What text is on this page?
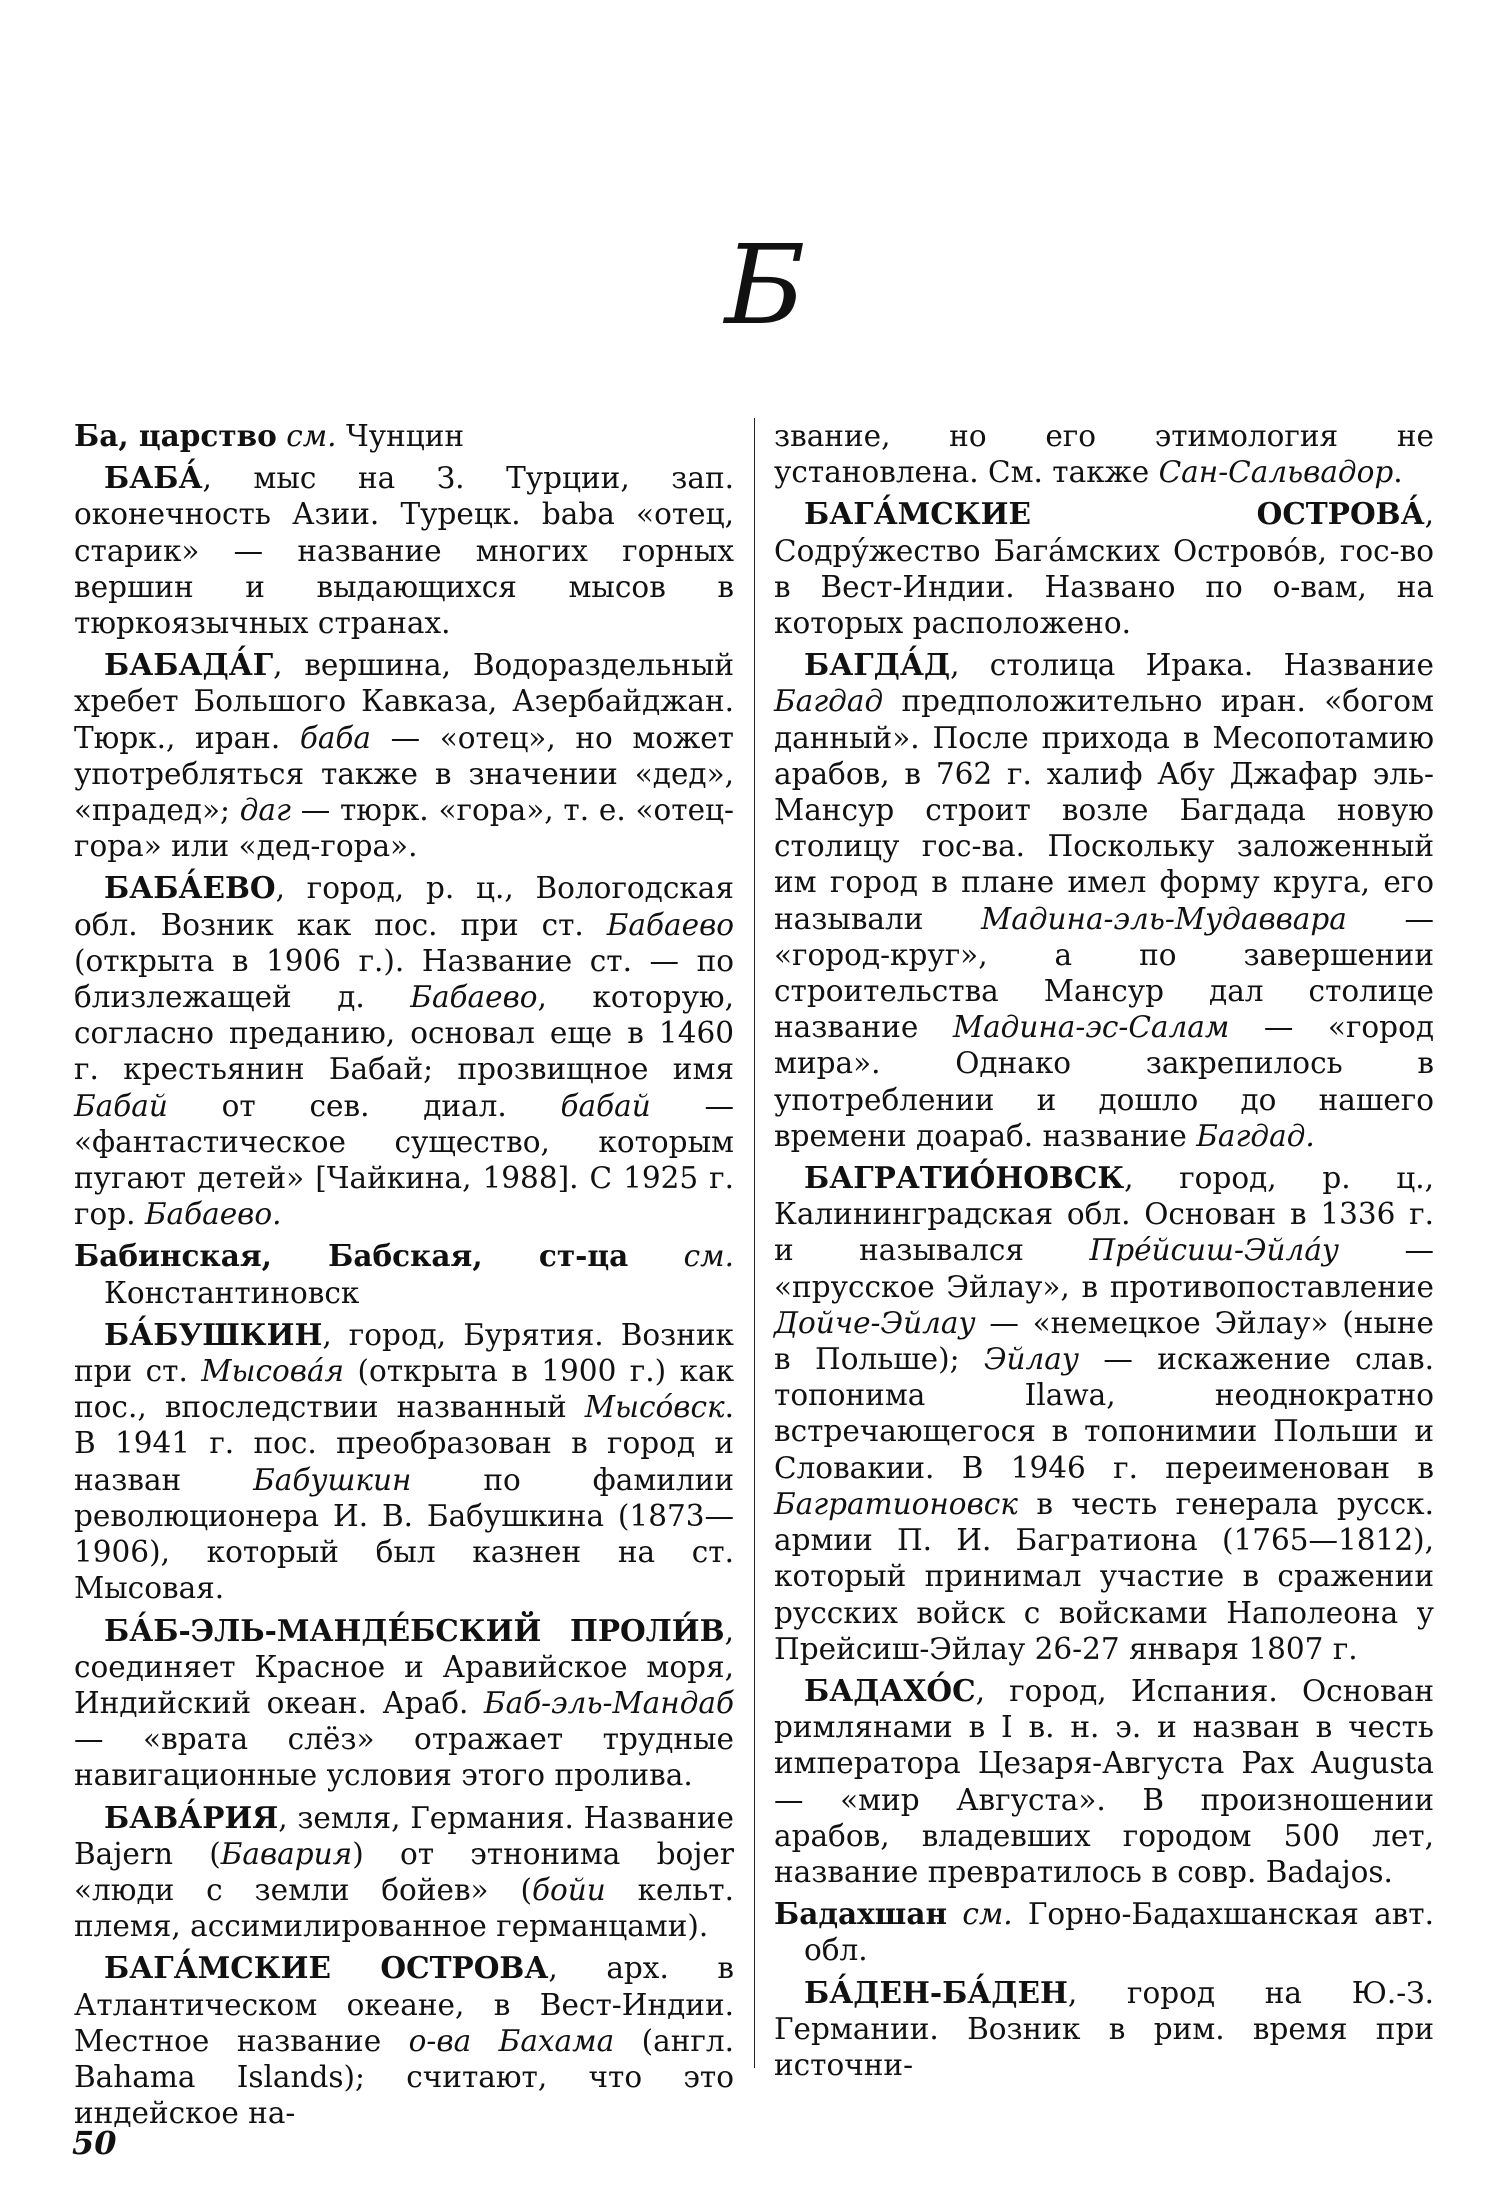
Б

Ба, царство см. Чунцин

БАБА́, мыс на З. Турции, зап. оконечность Азии. Турецк. baba «отец, старик» — название многих горных вершин и выдающихся мысов в тюркоязычных странах.

БАБАДА́Г, вершина, Водораздельный хребет Большого Кавказа, Азербайджан. Тюрк., иран. баба — «отец», но может употребляться также в значении «дед», «прадед»; даг — тюрк. «гора», т. е. «отец-гора» или «дед-гора».

БАБА́ЕВО, город, р. ц., Вологодская обл. Возник как пос. при ст. Бабаево (открыта в 1906 г.). Название ст. — по близлежащей д. Бабаево, которую, согласно преданию, основал еще в 1460 г. крестьянин Бабай; прозвищное имя Бабай от сев. диал. бабай — «фантастическое существо, которым пугают детей» [Чайкина, 1988]. С 1925 г. гор. Бабаево.

Бабинская, Бабская, ст-ца см. Константиновск

БА́БУШКИН, город, Бурятия. Возник при ст. Мысова́я (открыта в 1900 г.) как пос., впоследствии названный Мысо́вск. В 1941 г. пос. преобразован в город и назван Бабушкин по фамилии революционера И. В. Бабушкина (1873—1906), который был казнен на ст. Мысовая.

БА́Б-ЭЛЬ-МАНДЕ́БСКИЙ ПРОЛИ́В, соединяет Красное и Аравийское моря, Индийский океан. Араб. Баб-эль-Мандаб — «врата слёз» отражает трудные навигационные условия этого пролива.

БАВА́РИЯ, земля, Германия. Название Bajern (Бавария) от этнонима bojer «люди с земли бойев» (бойи кельт. племя, ассимилированное германцами).

БАГА́МСКИЕ ОСТРОВА, арх. в Атлантическом океане, в Вест-Индии. Местное название о-ва Бахама (англ. Bahama Islands); считают, что это индейское на-

звание, но его этимология не установлена. См. также Сан-Сальвадор.

БАГА́МСКИЕ ОСТРОВА́, Содру́жество Бага́мских Острово́в, гос-во в Вест-Индии. Названо по о-вам, на которых расположено.

БАГДА́Д, столица Ирака. Название Багдад предположительно иран. «богом данный». После прихода в Месопотамию арабов, в 762 г. халиф Абу Джафар эль-Мансур строит возле Багдада новую столицу гос-ва. Поскольку заложенный им город в плане имел форму круга, его называли Мадина-эль-Мудаввара — «город-круг», а по завершении строительства Мансур дал столице название Мадина-эс-Салам — «город мира». Однако закрепилось в употреблении и дошло до нашего времени доараб. название Багдад.

БАГРАТИО́НОВСК, город, р. ц., Калининградская обл. Основан в 1336 г. и назывался Пре́йсиш-Эйла́у — «прусское Эйлау», в противопоставление Дойче-Эйлау — «немецкое Эйлау» (ныне в Польше); Эйлау — искажение слав. топонима Ilawa, неоднократно встречающегося в топонимии Польши и Словакии. В 1946 г. переименован в Багратионовск в честь генерала русск. армии П. И. Багратиона (1765—1812), который принимал участие в сражении русских войск с войсками Наполеона у Прейсиш-Эйлау 26-27 января 1807 г.

БАДАХО́С, город, Испания. Основан римлянами в I в. н. э. и назван в честь императора Цезаря-Августа Pax Augusta — «мир Августа». В произношении арабов, владевших городом 500 лет, название превратилось в совр. Badajos.

Бадахшан см. Горно-Бадахшанская авт. обл.

БА́ДЕН-БА́ДЕН, город на Ю.-З. Германии. Возник в рим. время при источни-

50
